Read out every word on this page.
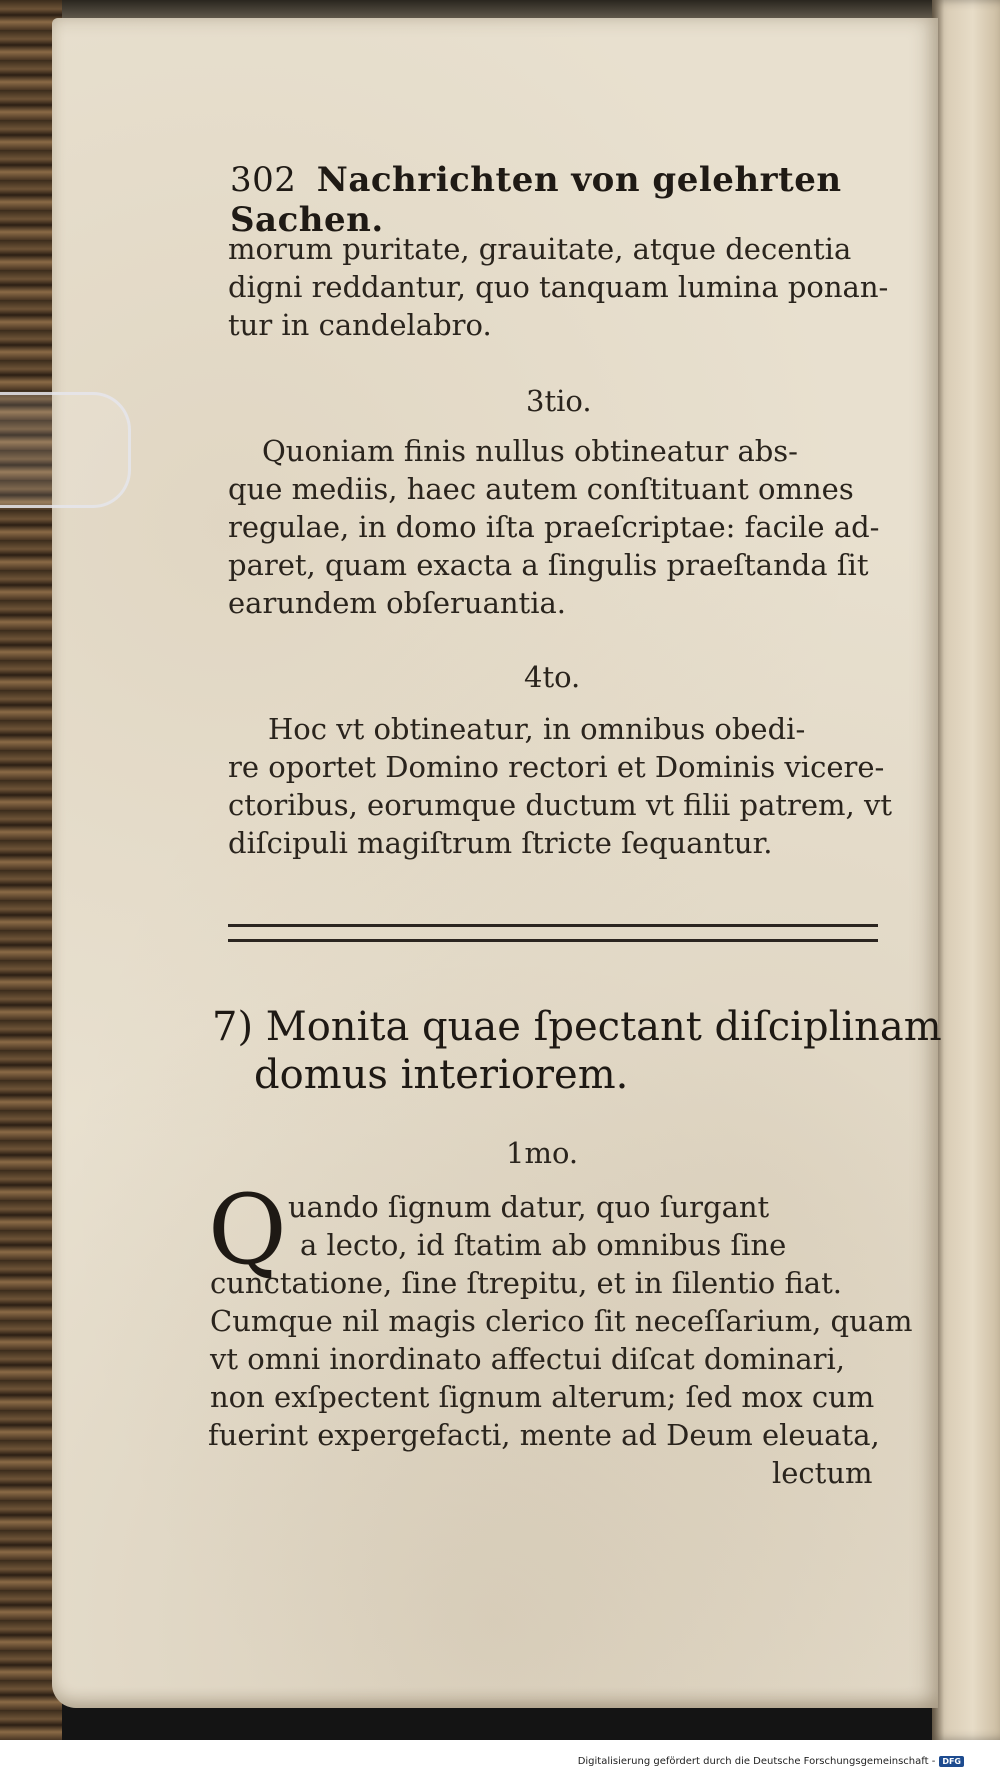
302 Nachrichten von gelehrten Sachen.
morum puritate, grauitate, atque decentia
digni reddantur, quo tanquam lumina ponan-
tur in candelabro.
3tio.
Quoniam finis nullus obtineatur abs-
que mediis, haec autem conſtituant omnes
regulae, in domo iſta praeſcriptae: facile ad-
paret, quam exacta a ſingulis praeſtanda ſit
earundem obſeruantia.
4to.
Hoc vt obtineatur, in omnibus obedi-
re oportet Domino rectori et Dominis vicere-
ctoribus, eorumque ductum vt filii patrem, vt
diſcipuli magiſtrum ſtricte ſequantur.
7) Monita quae ſpectant diſciplinam
domus interiorem.
1mo.
Q uando ſignum datur, quo ſurgant
a lecto, id ſtatim ab omnibus ſine
cunctatione, ſine ſtrepitu, et in ſilentio fiat.
Cumque nil magis clerico ſit neceſſarium, quam
vt omni inordinato affectui diſcat dominari,
non exſpectent ſignum alterum; ſed mox cum
fuerint expergefacti, mente ad Deum eleuata,
lectum
Digitalisierung gefördert durch die Deutsche Forschungsgemeinschaft - DFG
